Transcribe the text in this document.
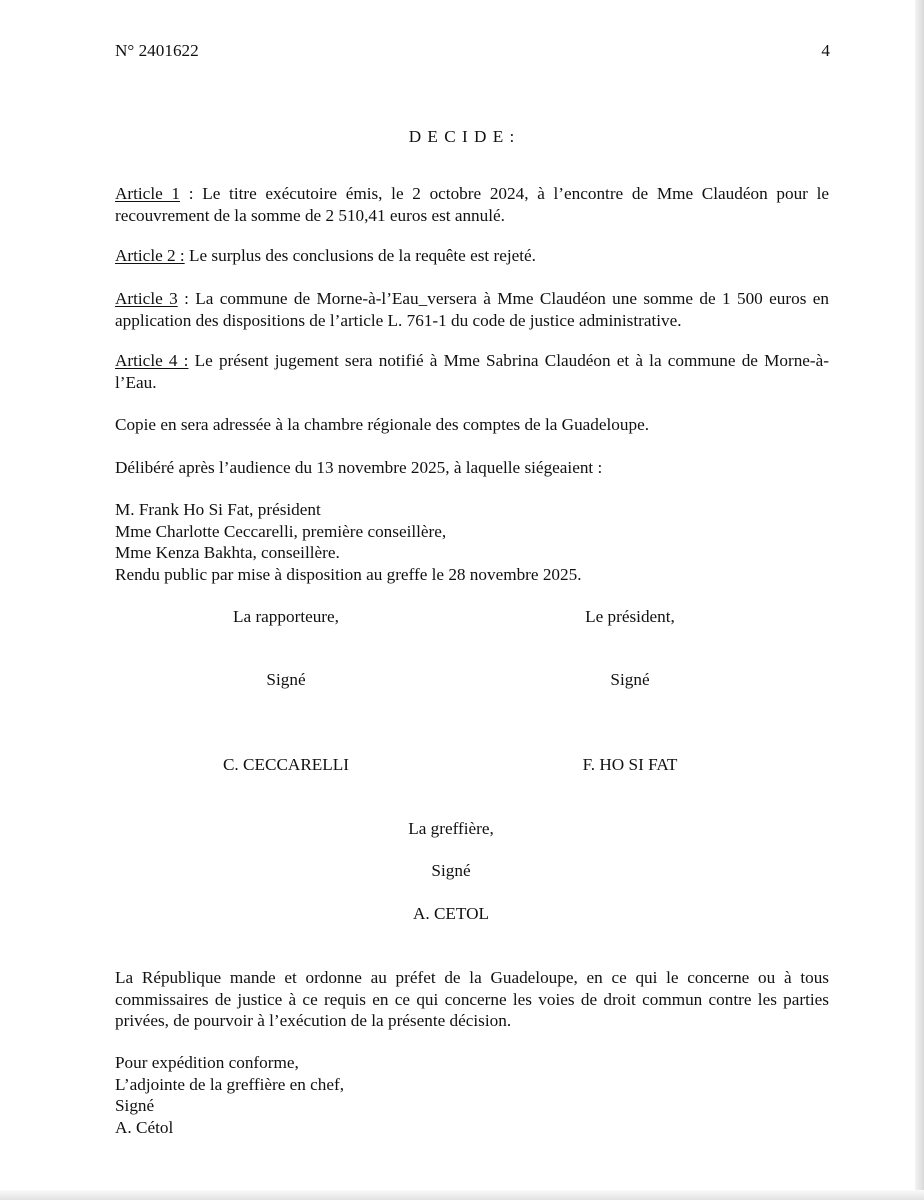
N° 2401622	4
D E C I D E :

Article 1 : Le titre exécutoire émis, le 2 octobre 2024, à l’encontre de Mme Claudéon pour le recouvrement de la somme de 2 510,41 euros est annulé.

Article 2 : Le surplus des conclusions de la requête est rejeté.

Article 3 : La commune de Morne-à-l’Eau_versera à Mme Claudéon une somme de 1 500 euros en application des dispositions de l’article L. 761-1 du code de justice administrative.

Article 4 : Le présent jugement sera notifié à Mme Sabrina Claudéon et à la commune de Morne-à-l’Eau.

Copie en sera adressée à la chambre régionale des comptes de la Guadeloupe.

Délibéré après l’audience du 13 novembre 2025, à laquelle siégeaient :

M. Frank Ho Si Fat, président
Mme Charlotte Ceccarelli, première conseillère,
Mme Kenza Bakhta, conseillère.
Rendu public par mise à disposition au greffe le 28 novembre 2025.
La rapporteure,	Le président,
Signé	Signé
C. CECCARELLI	F. HO SI FAT
La greffière,
Signé
A. CETOL

La République mande et ordonne au préfet de la Guadeloupe, en ce qui le concerne ou à tous commissaires de justice à ce requis en ce qui concerne les voies de droit commun contre les parties privées, de pourvoir à l’exécution de la présente décision.

Pour expédition conforme,
L’adjointe de la greffière en chef,
Signé
A. Cétol
